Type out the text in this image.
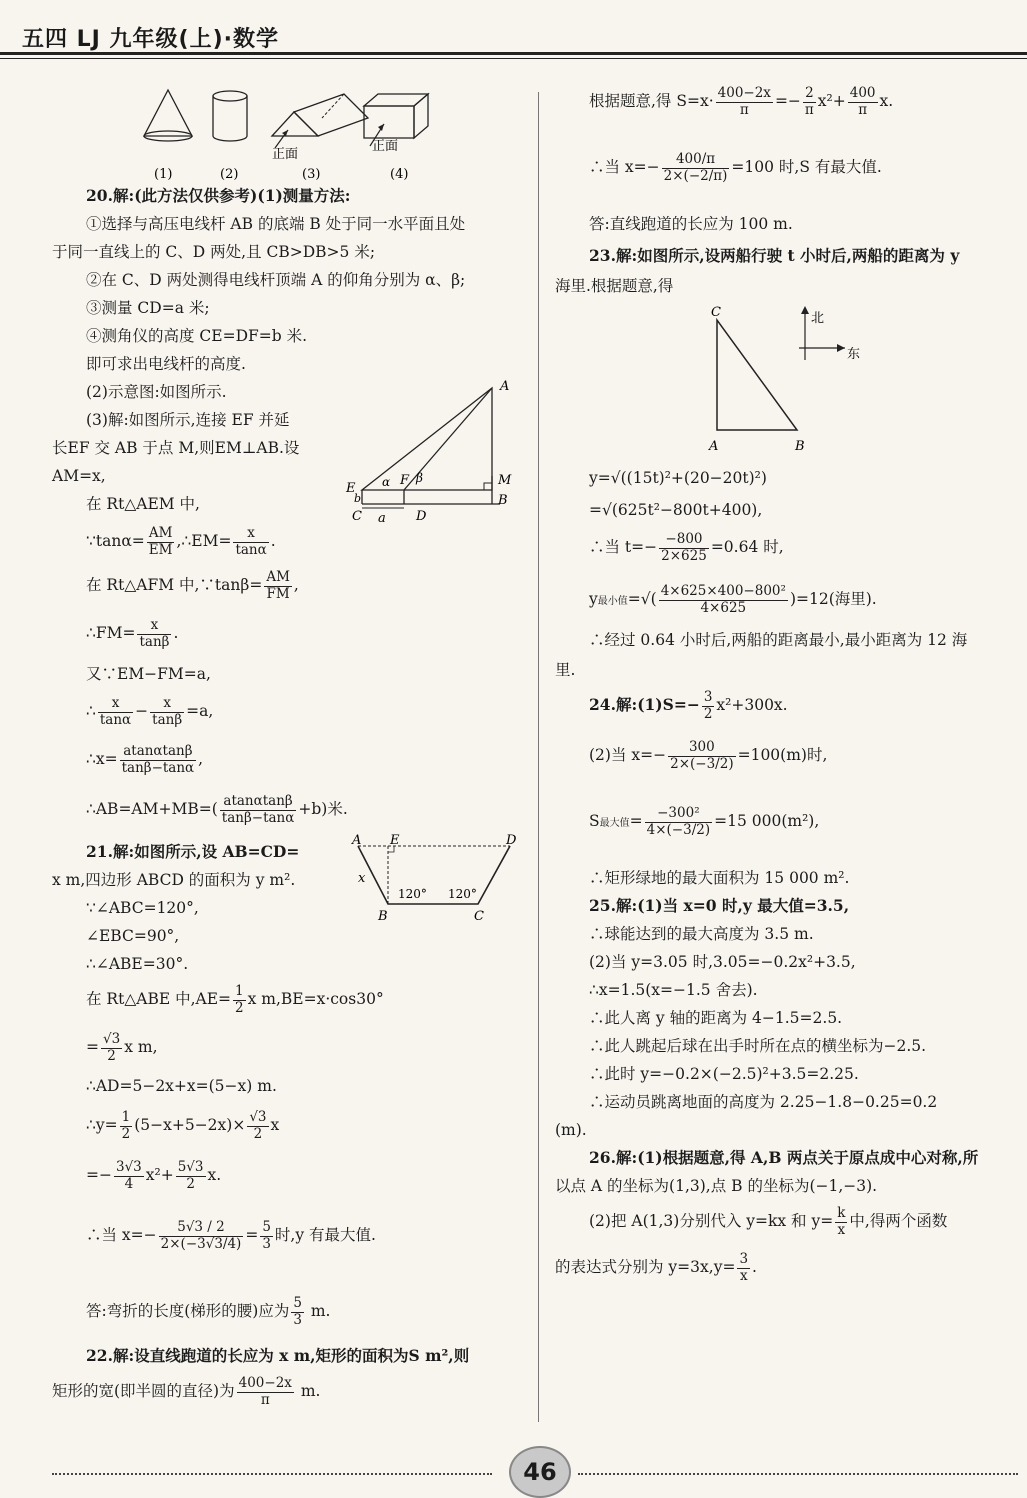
五四 LJ 九年级(上)·数学
正面
正面
(1)	(2)	(3)	(4)
20.解:(此方法仅供参考)(1)测量方法:
①选择与高压电线杆 AB 的底端 B 处于同一水平面且处
于同一直线上的 C、D 两处,且 CB>DB>5 米;
②在 C、D 两处测得电线杆顶端 A 的仰角分别为 α、β;
③测量 CD=a 米;
④测角仪的高度 CE=DF=b 米.
即可求出电线杆的高度.
(2)示意图:如图所示.
(3)解:如图所示,连接 EF 并延
长EF 交 AB 于点 M,则EM⊥AB.设
AM=x,
A
M
B
E
F
C	D
a
b
α β
在 Rt△AEM 中,
∵tanα= $\frac{AM}{EM}$ ,∴EM= $\frac{x}{\tan\alpha}$ .
在 Rt△AFM 中,∵tanβ= $\frac{AM}{FM}$ ,
∴FM= $\frac{x}{\tan\beta}$ .
又∵EM−FM=a,
∴ $\frac{x}{\tan\alpha} - \frac{x}{\tan\beta} =a$,
∴x= $\frac{atan\alpha\tan\beta}{\tan\beta-\tan\alpha}$ ,
∴AB=AM+MB=( $\frac{atan\alpha\tan\beta}{\tan\beta-\tan\alpha} +b$)米.
21.解:如图所示,设 AB=CD=
x m,四边形 ABCD 的面积为 y m².
∵∠ABC=120°,
∠EBC=90°,
∴∠ABE=30°.
A E	D
B	C
x
120° 120°
在 Rt△ABE 中$,AE= \frac{1}{2}$ x m,BE=x·cos30°
= $\frac{√3}{2}$ x m,
∴AD=5−2x+x=(5−x) m.
∴y= $\frac{1}{2} (5-x+5-2x)\times \frac{√3}{2}$ x
=− $\frac{3√3}{4} x^2+ \frac{5√3}{2} x$.
∴当 $x=- \frac{5√3 / 2}{2\times(-3√3/4)} = \frac{5}{3}$ 时,y 有最大值.
答:弯折的长度(梯形的腰)应为 $\frac{5}{3} m$.
22.解:设直线跑道的长应为 x m,矩形的面积为S m²,则
矩形的宽(即半圆的直径)为 $\frac{400-2x}{\pi} m$.
根据题意,得 $S=x\cdot \frac{400-2x}{\pi} =- \frac{2}{\pi} x^2+ \frac{400}{\pi} x$.
∴当 $x=- \frac{400/\pi}{2\times(-2/\pi)} =100$ 时,S 有最大值.
答:直线跑道的长应为 100 m.
23.解:如图所示,设两船行驶 t 小时后,两船的距离为 y
海里.根据题意,得
C
A	B
北
东
y=√((15t)²+(20−20t)²)
=√(625t²−800t+400),
∴当 $t=- \frac{-800}{2\times 625} =0.64$ 时,
y最小值=√( $\frac{\text{4×625×400−800²}}{4\times 625} )=12$(海里).
∴经过 0.64 小时后,两船的距离最小,最小距离为 12 海
里.
24.解:(1)S=− $\frac{3}{2} x^2+300x$.
(2)当 $x=- \frac{300}{2\times(-3/2)} =100(m)$时,
S最大值= $\frac{\text{−300²}}{4\times(-3/2)} =15$ 000(m²),
∴矩形绿地的最大面积为 15 000 m².
25.解:(1)当 x=0 时,y 最大值=3.5,
∴球能达到的最大高度为 3.5 m.
(2)当 y=3.05 时,3.05=−0.2x²+3.5,
∴x=1.5(x=−1.5 舍去).
∴此人离 y 轴的距离为 4−1.5=2.5.
∴此人跳起后球在出手时所在点的横坐标为−2.5.
∴此时 y=−0.2×(−2.5)²+3.5=2.25.
∴运动员跳离地面的高度为 2.25−1.8−0.25=0.2
(m).
26.解:(1)根据题意,得 A,B 两点关于原点成中心对称,所
以点 A 的坐标为(1,3),点 B 的坐标为(−1,−3).
(2)把 A(1,3)分别代入 y=kx 和 $y= \frac{k}{x}$ 中,得两个函数
的表达式分别为 $y=3x,y= \frac{3}{x}$ .
46
